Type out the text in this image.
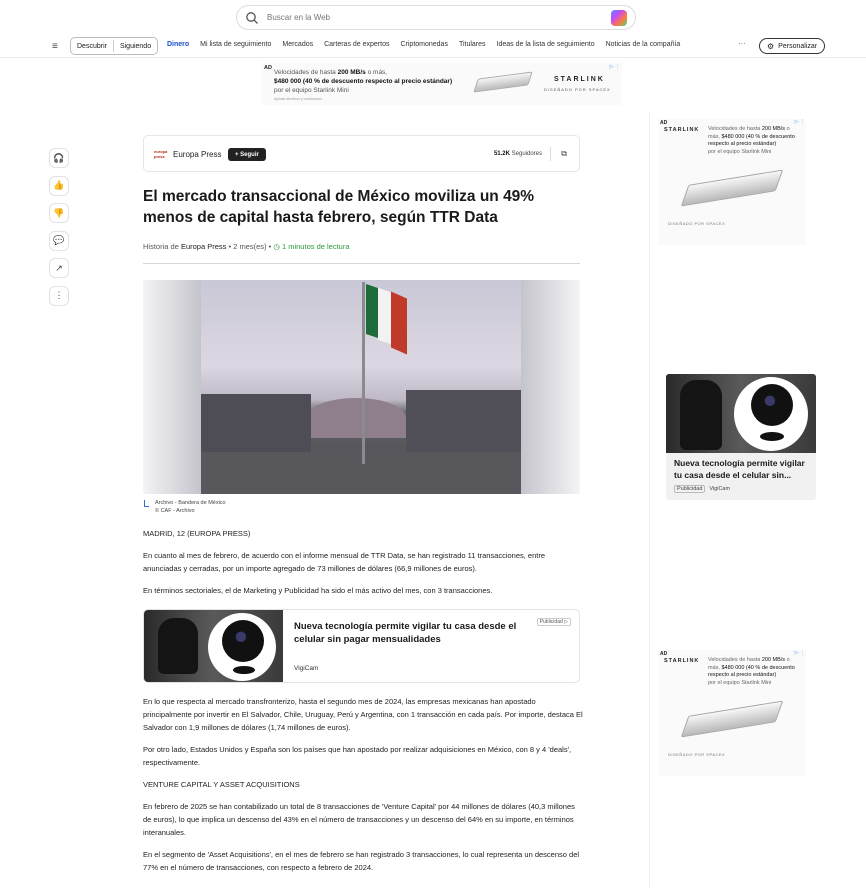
Buscar en la Web
≡	Descubrir	Siguiendo	Dinero Mi lista de seguimiento Mercados Carteras de expertos Criptomonedas Titulares Ideas de la lista de seguimiento Noticias de la compañía	···	⚙ Personalizar
AD
Velocidades de hasta 200 MB/s o más,
$480 000 (40 % de descuento respecto al precio estándar)
por el equipo Starlink Mini
STARLINK
DISEÑADO POR SPACEX
Aplican términos y condiciones
▷ ⋮
🎧
👍
👎
💬
↗
⋮
europa press	Europa Press	+ Seguir	51.2K Seguidores ⧉
El mercado transaccional de México moviliza un 49% menos de capital hasta febrero, según TTR Data
Historia de Europa Press • 2 mes(es) • ◷ 1 minutos de lectura
Archivo - Bandera de México
© CAF - Archivo

MADRID, 12 (EUROPA PRESS)

En cuanto al mes de febrero, de acuerdo con el informe mensual de TTR Data, se han registrado 11 transacciones, entre anunciadas y cerradas, por un importe agregado de 73 millones de dólares (66,9 millones de euros).

En términos sectoriales, el de Marketing y Publicidad ha sido el más activo del mes, con 3 transacciones.

Nueva tecnología permite vigilar tu casa desde el celular sin pagar mensualidades
VigiCam
Publicidad ▷

En lo que respecta al mercado transfronterizo, hasta el segundo mes de 2024, las empresas mexicanas han apostado principalmente por invertir en El Salvador, Chile, Uruguay, Perú y Argentina, con 1 transacción en cada país. Por importe, destaca El Salvador con 1,9 millones de dólares (1,74 millones de euros).

Por otro lado, Estados Unidos y España son los países que han apostado por realizar adquisiciones en México, con 8 y 4 'deals', respectivamente.

VENTURE CAPITAL Y ASSET ACQUISITIONS

En febrero de 2025 se han contabilizado un total de 8 transacciones de 'Venture Capital' por 44 millones de dólares (40,3 millones de euros), lo que implica un descenso del 43% en el número de transacciones y un descenso del 64% en su importe, en términos interanuales.

En el segmento de 'Asset Acquisitions', en el mes de febrero se han registrado 3 transacciones, lo cual representa un descenso del 77% en el número de transacciones, con respecto a febrero de 2024.

AD
STARLINK Velocidades de hasta 200 MB/s o más, $480 000 (40 % de descuento respecto al precio estándar)
por el equipo Starlink Mini
DISEÑADO POR SPACEX
▷ ⋮
Nueva tecnología permite vigilar tu casa desde el celular sin...
Publicidad VigiCam
AD
STARLINK Velocidades de hasta 200 MB/s o más, $480 000 (40 % de descuento respecto al precio estándar)
por el equipo Starlink Mini
DISEÑADO POR SPACEX
▷ ⋮
